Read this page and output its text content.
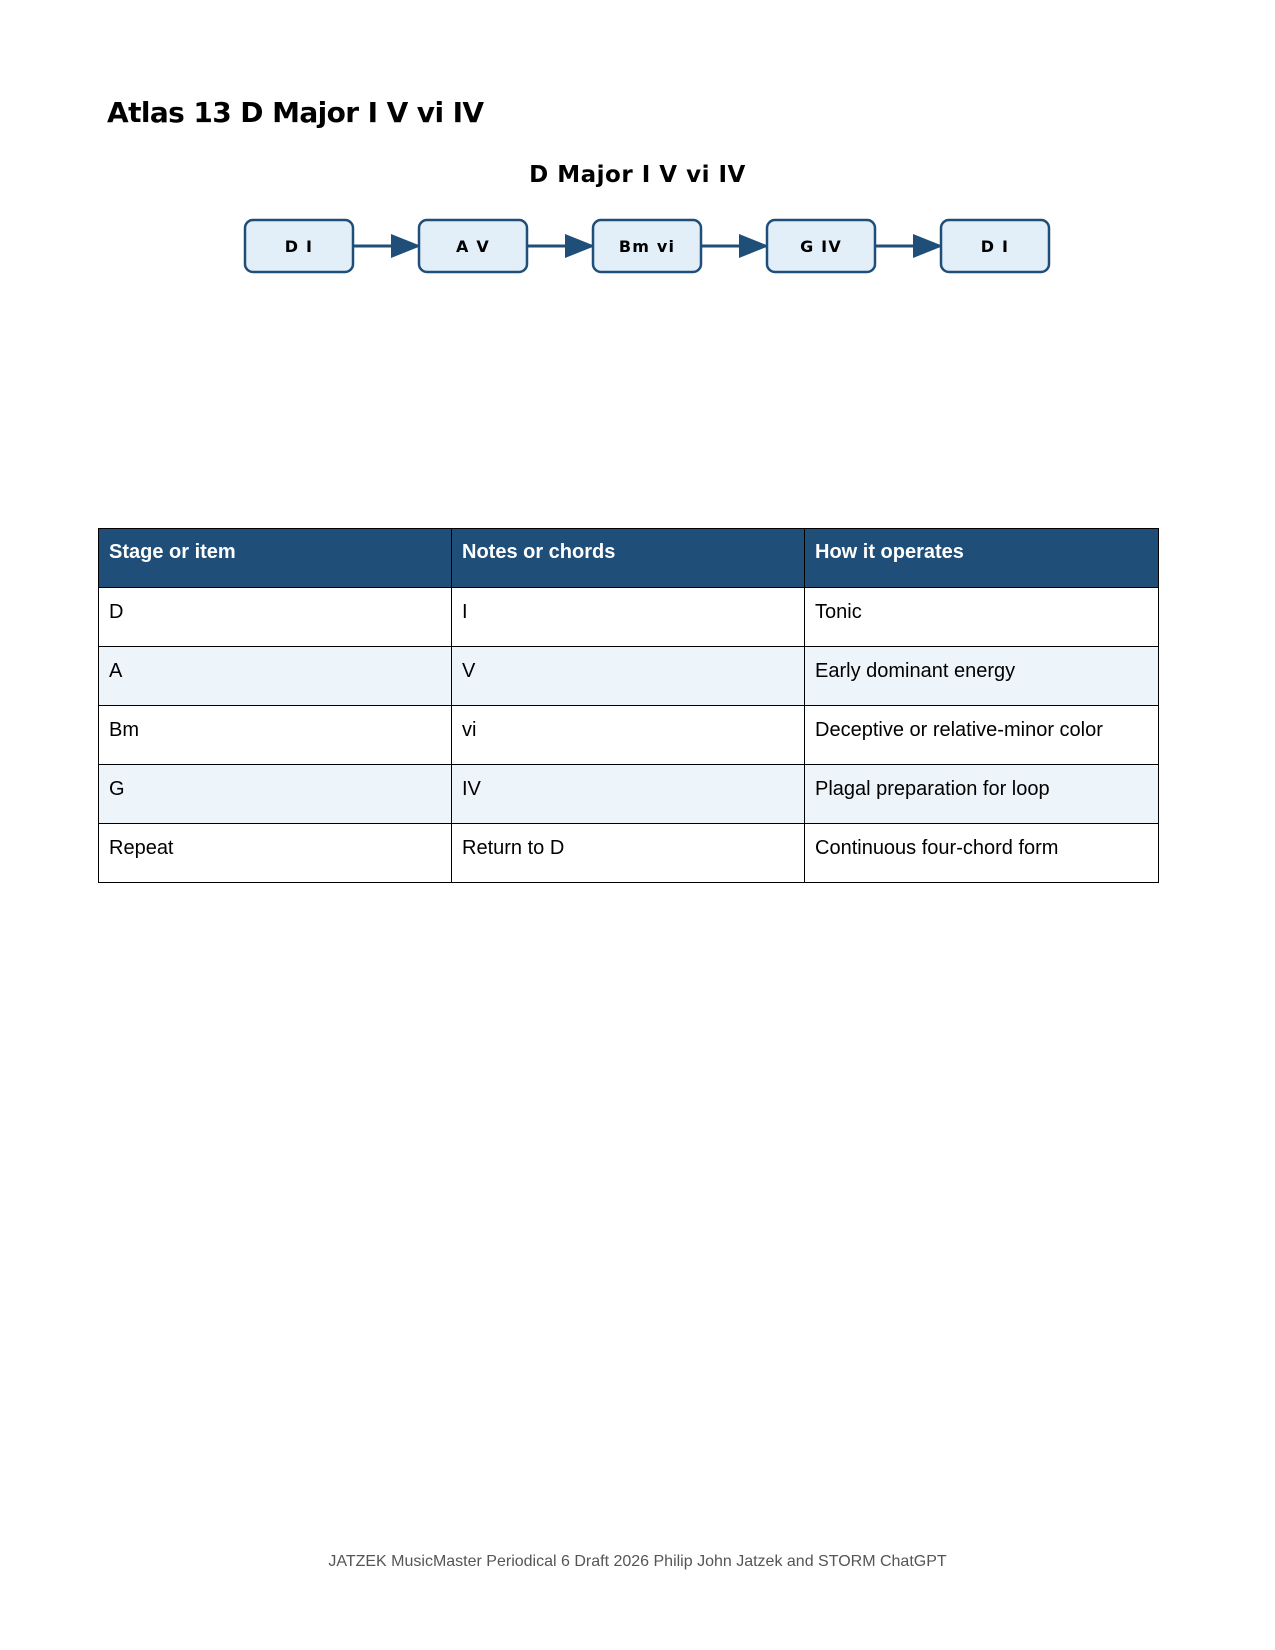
Atlas 13 D Major I V vi IV
D Major I V vi IV
D I	A V	Bm vi	G IV	D I
Stage or item	Notes or chords	How it operates
D	I	Tonic
A	V	Early dominant energy
Bm	vi	Deceptive or relative-minor color
G	IV	Plagal preparation for loop
Repeat	Return to D	Continuous four-chord form
JATZEK MusicMaster Periodical 6 Draft 2026 Philip John Jatzek and STORM ChatGPT
